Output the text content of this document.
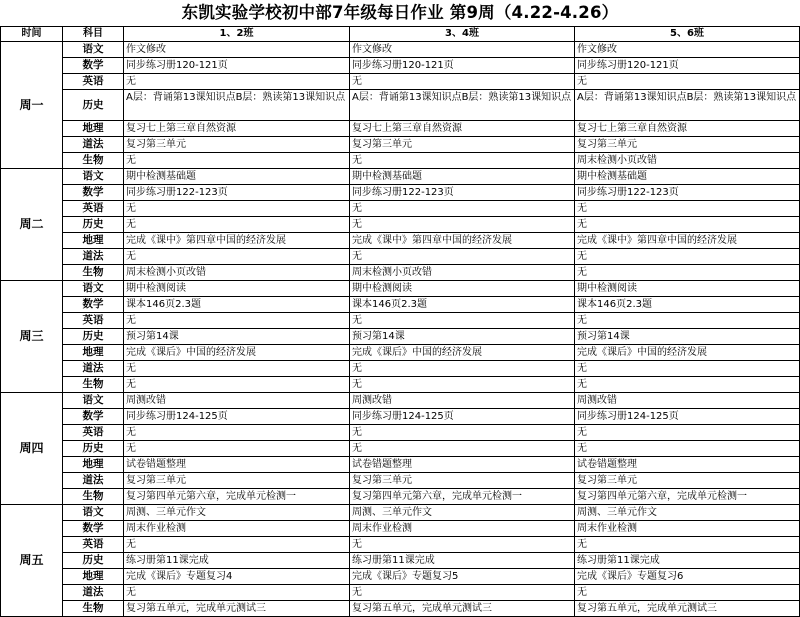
东凯实验学校初中部7年级每日作业 第9周（4.22-4.26）
时间	科目	1、2班	3、4班	5、6班
周一	语文	作文修改	作文修改	作文修改
	数学	同步练习册120-121页	同步练习册120-121页	同步练习册120-121页
	英语	无	无	无
	历史	A层：背诵第13课知识点B层：熟读第13课知识点	A层：背诵第13课知识点B层：熟读第13课知识点	A层：背诵第13课知识点B层：熟读第13课知识点
	地理	复习七上第三章自然资源	复习七上第三章自然资源	复习七上第三章自然资源
	道法	复习第三单元	复习第三单元	复习第三单元
	生物	无	无	周末检测小页改错
周二	语文	期中检测基础题	期中检测基础题	期中检测基础题
	数学	同步练习册122-123页	同步练习册122-123页	同步练习册122-123页
	英语	无	无	无
	历史	无	无	无
	地理	完成《课中》第四章中国的经济发展	完成《课中》第四章中国的经济发展	完成《课中》第四章中国的经济发展
	道法	无	无	无
	生物	周末检测小页改错	周末检测小页改错	无
周三	语文	期中检测阅读	期中检测阅读	期中检测阅读
	数学	课本146页2.3题	课本146页2.3题	课本146页2.3题
	英语	无	无	无
	历史	预习第14课	预习第14课	预习第14课
	地理	完成《课后》中国的经济发展	完成《课后》中国的经济发展	完成《课后》中国的经济发展
	道法	无	无	无
	生物	无	无	无
周四	语文	周测改错	周测改错	周测改错
	数学	同步练习册124-125页	同步练习册124-125页	同步练习册124-125页
	英语	无	无	无
	历史	无	无	无
	地理	试卷错题整理	试卷错题整理	试卷错题整理
	道法	复习第三单元	复习第三单元	复习第三单元
	生物	复习第四单元第六章，完成单元检测一	复习第四单元第六章，完成单元检测一	复习第四单元第六章，完成单元检测一
周五	语文	周测、三单元作文	周测、三单元作文	周测、三单元作文
	数学	周末作业检测	周末作业检测	周末作业检测
	英语	无	无	无
	历史	练习册第11课完成	练习册第11课完成	练习册第11课完成
	地理	完成《课后》专题复习4	完成《课后》专题复习5	完成《课后》专题复习6
	道法	无	无	无
	生物	复习第五单元，完成单元测试三	复习第五单元，完成单元测试三	复习第五单元，完成单元测试三
